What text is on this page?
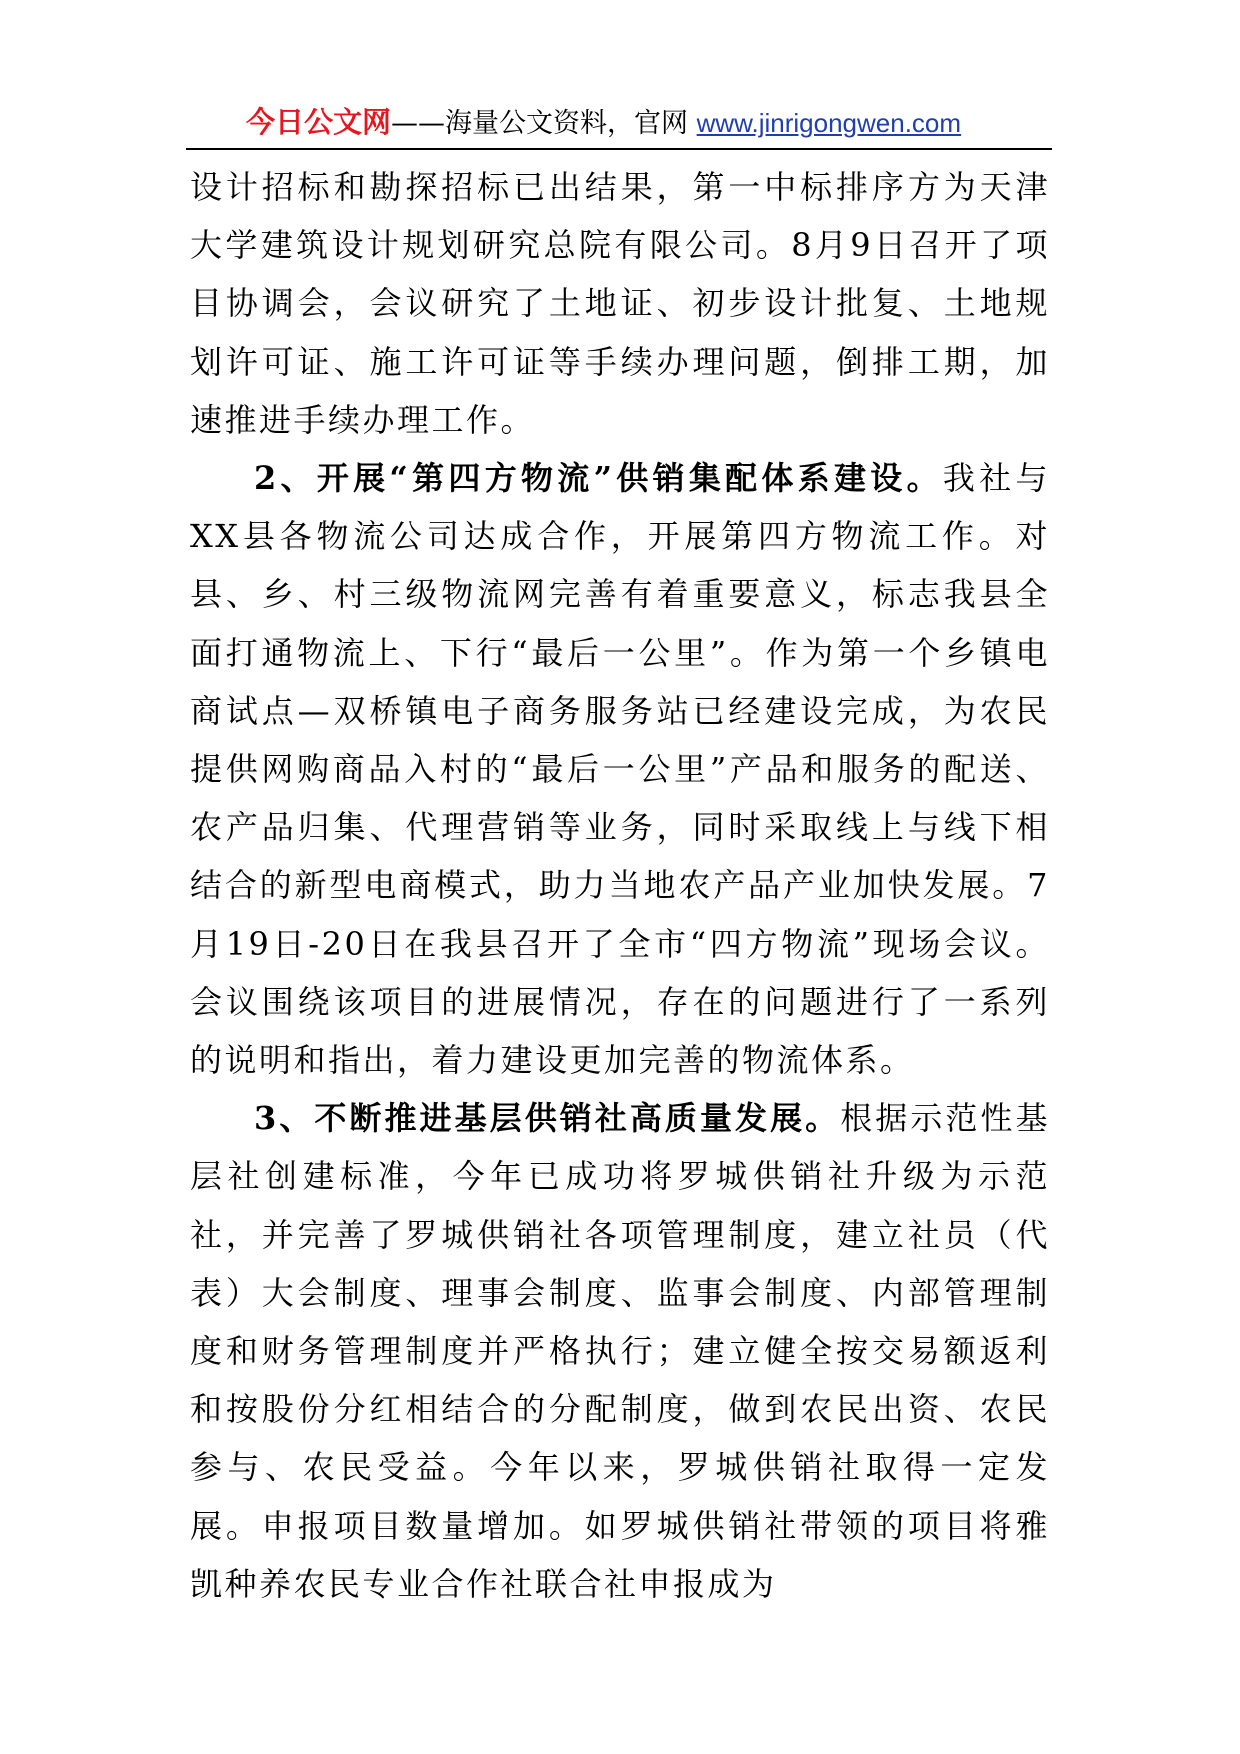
今日公文网——海量公文资料，官网 www.jinrigongwen.com

设计招标和勘探招标已出结果，第一中标排序方为天津大学建筑设计规划研究总院有限公司。8月9日召开了项目协调会，会议研究了土地证、初步设计批复、土地规划许可证、施工许可证等手续办理问题，倒排工期，加速推进手续办理工作。

2、开展“第四方物流”供销集配体系建设。我社与XX县各物流公司达成合作，开展第四方物流工作。对县、乡、村三级物流网完善有着重要意义，标志我县全面打通物流上、下行“最后一公里”。作为第一个乡镇电商试点—双桥镇电子商务服务站已经建设完成，为农民提供网购商品入村的“最后一公里”产品和服务的配送、农产品归集、代理营销等业务，同时采取线上与线下相结合的新型电商模式，助力当地农产品产业加快发展。7月19日-20日在我县召开了全市“四方物流”现场会议。会议围绕该项目的进展情况，存在的问题进行了一系列的说明和指出，着力建设更加完善的物流体系。

3、不断推进基层供销社高质量发展。根据示范性基层社创建标准，今年已成功将罗城供销社升级为示范社，并完善了罗城供销社各项管理制度，建立社员（代表）大会制度、理事会制度、监事会制度、内部管理制度和财务管理制度并严格执行；建立健全按交易额返利和按股份分红相结合的分配制度，做到农民出资、农民参与、农民受益。今年以来，罗城供销社取得一定发展。申报项目数量增加。如罗城供销社带领的项目将雅凯种养农民专业合作社联合社申报成为
